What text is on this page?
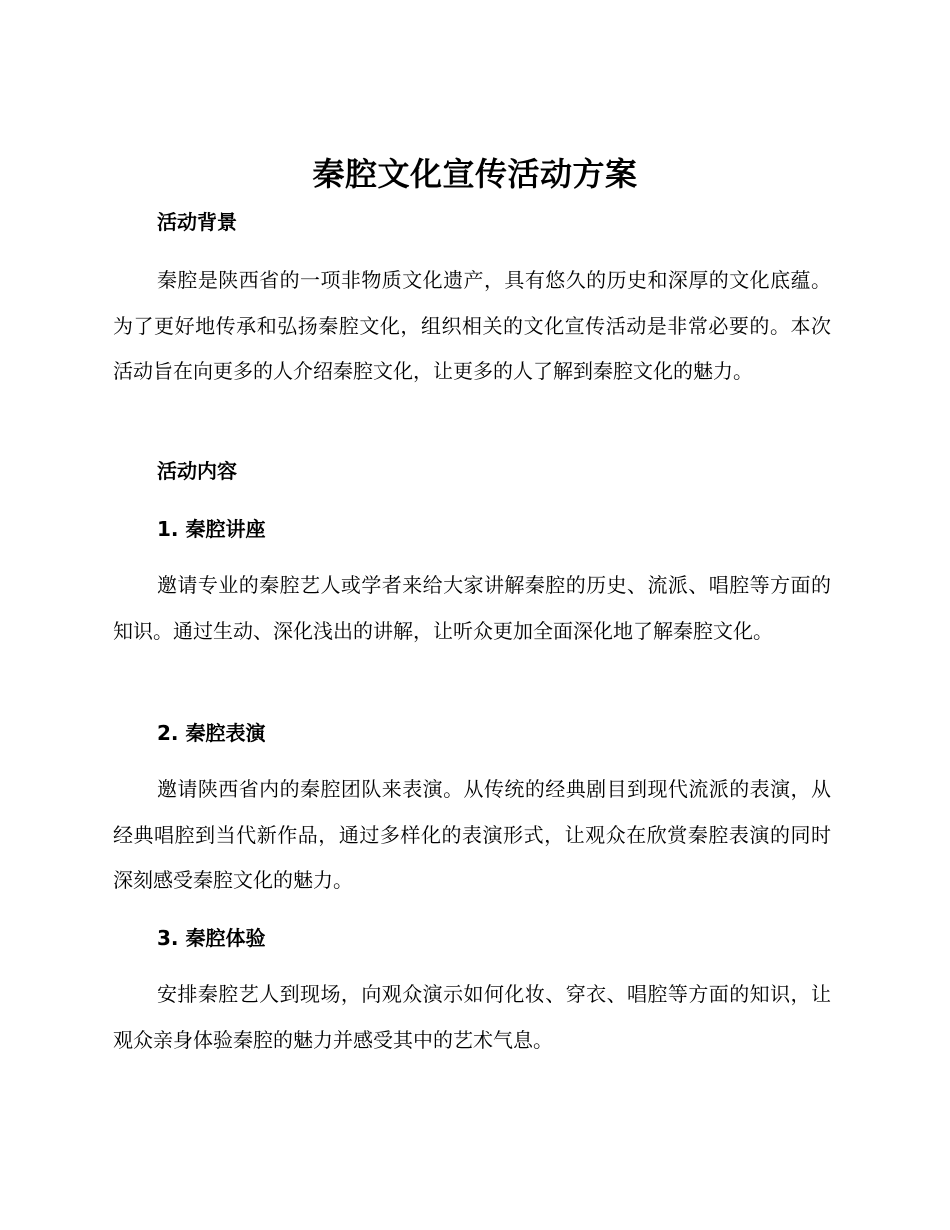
秦腔文化宣传活动方案
活动背景

秦腔是陕西省的一项非物质文化遗产，具有悠久的历史和深厚的文化底蕴。为了更好地传承和弘扬秦腔文化，组织相关的文化宣传活动是非常必要的。本次活动旨在向更多的人介绍秦腔文化，让更多的人了解到秦腔文化的魅力。

活动内容
1. 秦腔讲座

邀请专业的秦腔艺人或学者来给大家讲解秦腔的历史、流派、唱腔等方面的知识。通过生动、深化浅出的讲解，让听众更加全面深化地了解秦腔文化。

2. 秦腔表演

邀请陕西省内的秦腔团队来表演。从传统的经典剧目到现代流派的表演，从经典唱腔到当代新作品，通过多样化的表演形式，让观众在欣赏秦腔表演的同时深刻感受秦腔文化的魅力。

3. 秦腔体验

安排秦腔艺人到现场，向观众演示如何化妆、穿衣、唱腔等方面的知识，让观众亲身体验秦腔的魅力并感受其中的艺术气息。
